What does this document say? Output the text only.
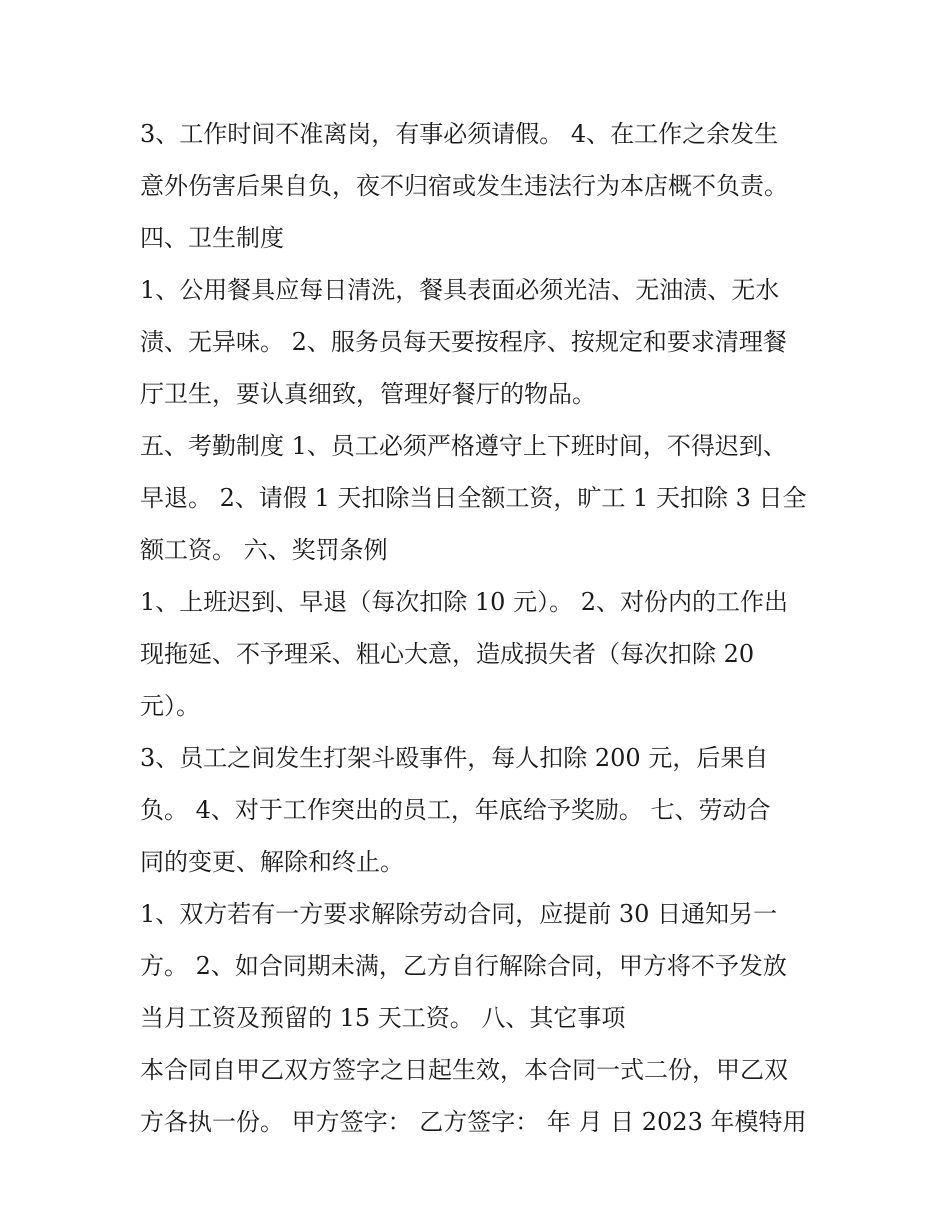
3、工作时间不准离岗，有事必须请假。 4、在工作之余发生
意外伤害后果自负，夜不归宿或发生违法行为本店概不负责。
四、卫生制度
1、公用餐具应每日清洗，餐具表面必须光洁、无油渍、无水
渍、无异味。 2、服务员每天要按程序、按规定和要求清理餐
厅卫生，要认真细致，管理好餐厅的物品。
五、考勤制度 1、员工必须严格遵守上下班时间，不得迟到、
早退。 2、请假 1 天扣除当日全额工资，旷工 1 天扣除 3 日全
额工资。 六、奖罚条例
1、上班迟到、早退（每次扣除 10 元）。 2、对份内的工作出
现拖延、不予理采、粗心大意，造成损失者（每次扣除 20
元）。
3、员工之间发生打架斗殴事件，每人扣除 200 元，后果自
负。 4、对于工作突出的员工，年底给予奖励。 七、劳动合
同的变更、解除和终止。
1、双方若有一方要求解除劳动合同，应提前 30 日通知另一
方。 2、如合同期未满，乙方自行解除合同，甲方将不予发放
当月工资及预留的 15 天工资。 八、其它事项
本合同自甲乙双方签字之日起生效，本合同一式二份，甲乙双
方各执一份。 甲方签字： 乙方签字： 年 月 日 2023 年模特用
